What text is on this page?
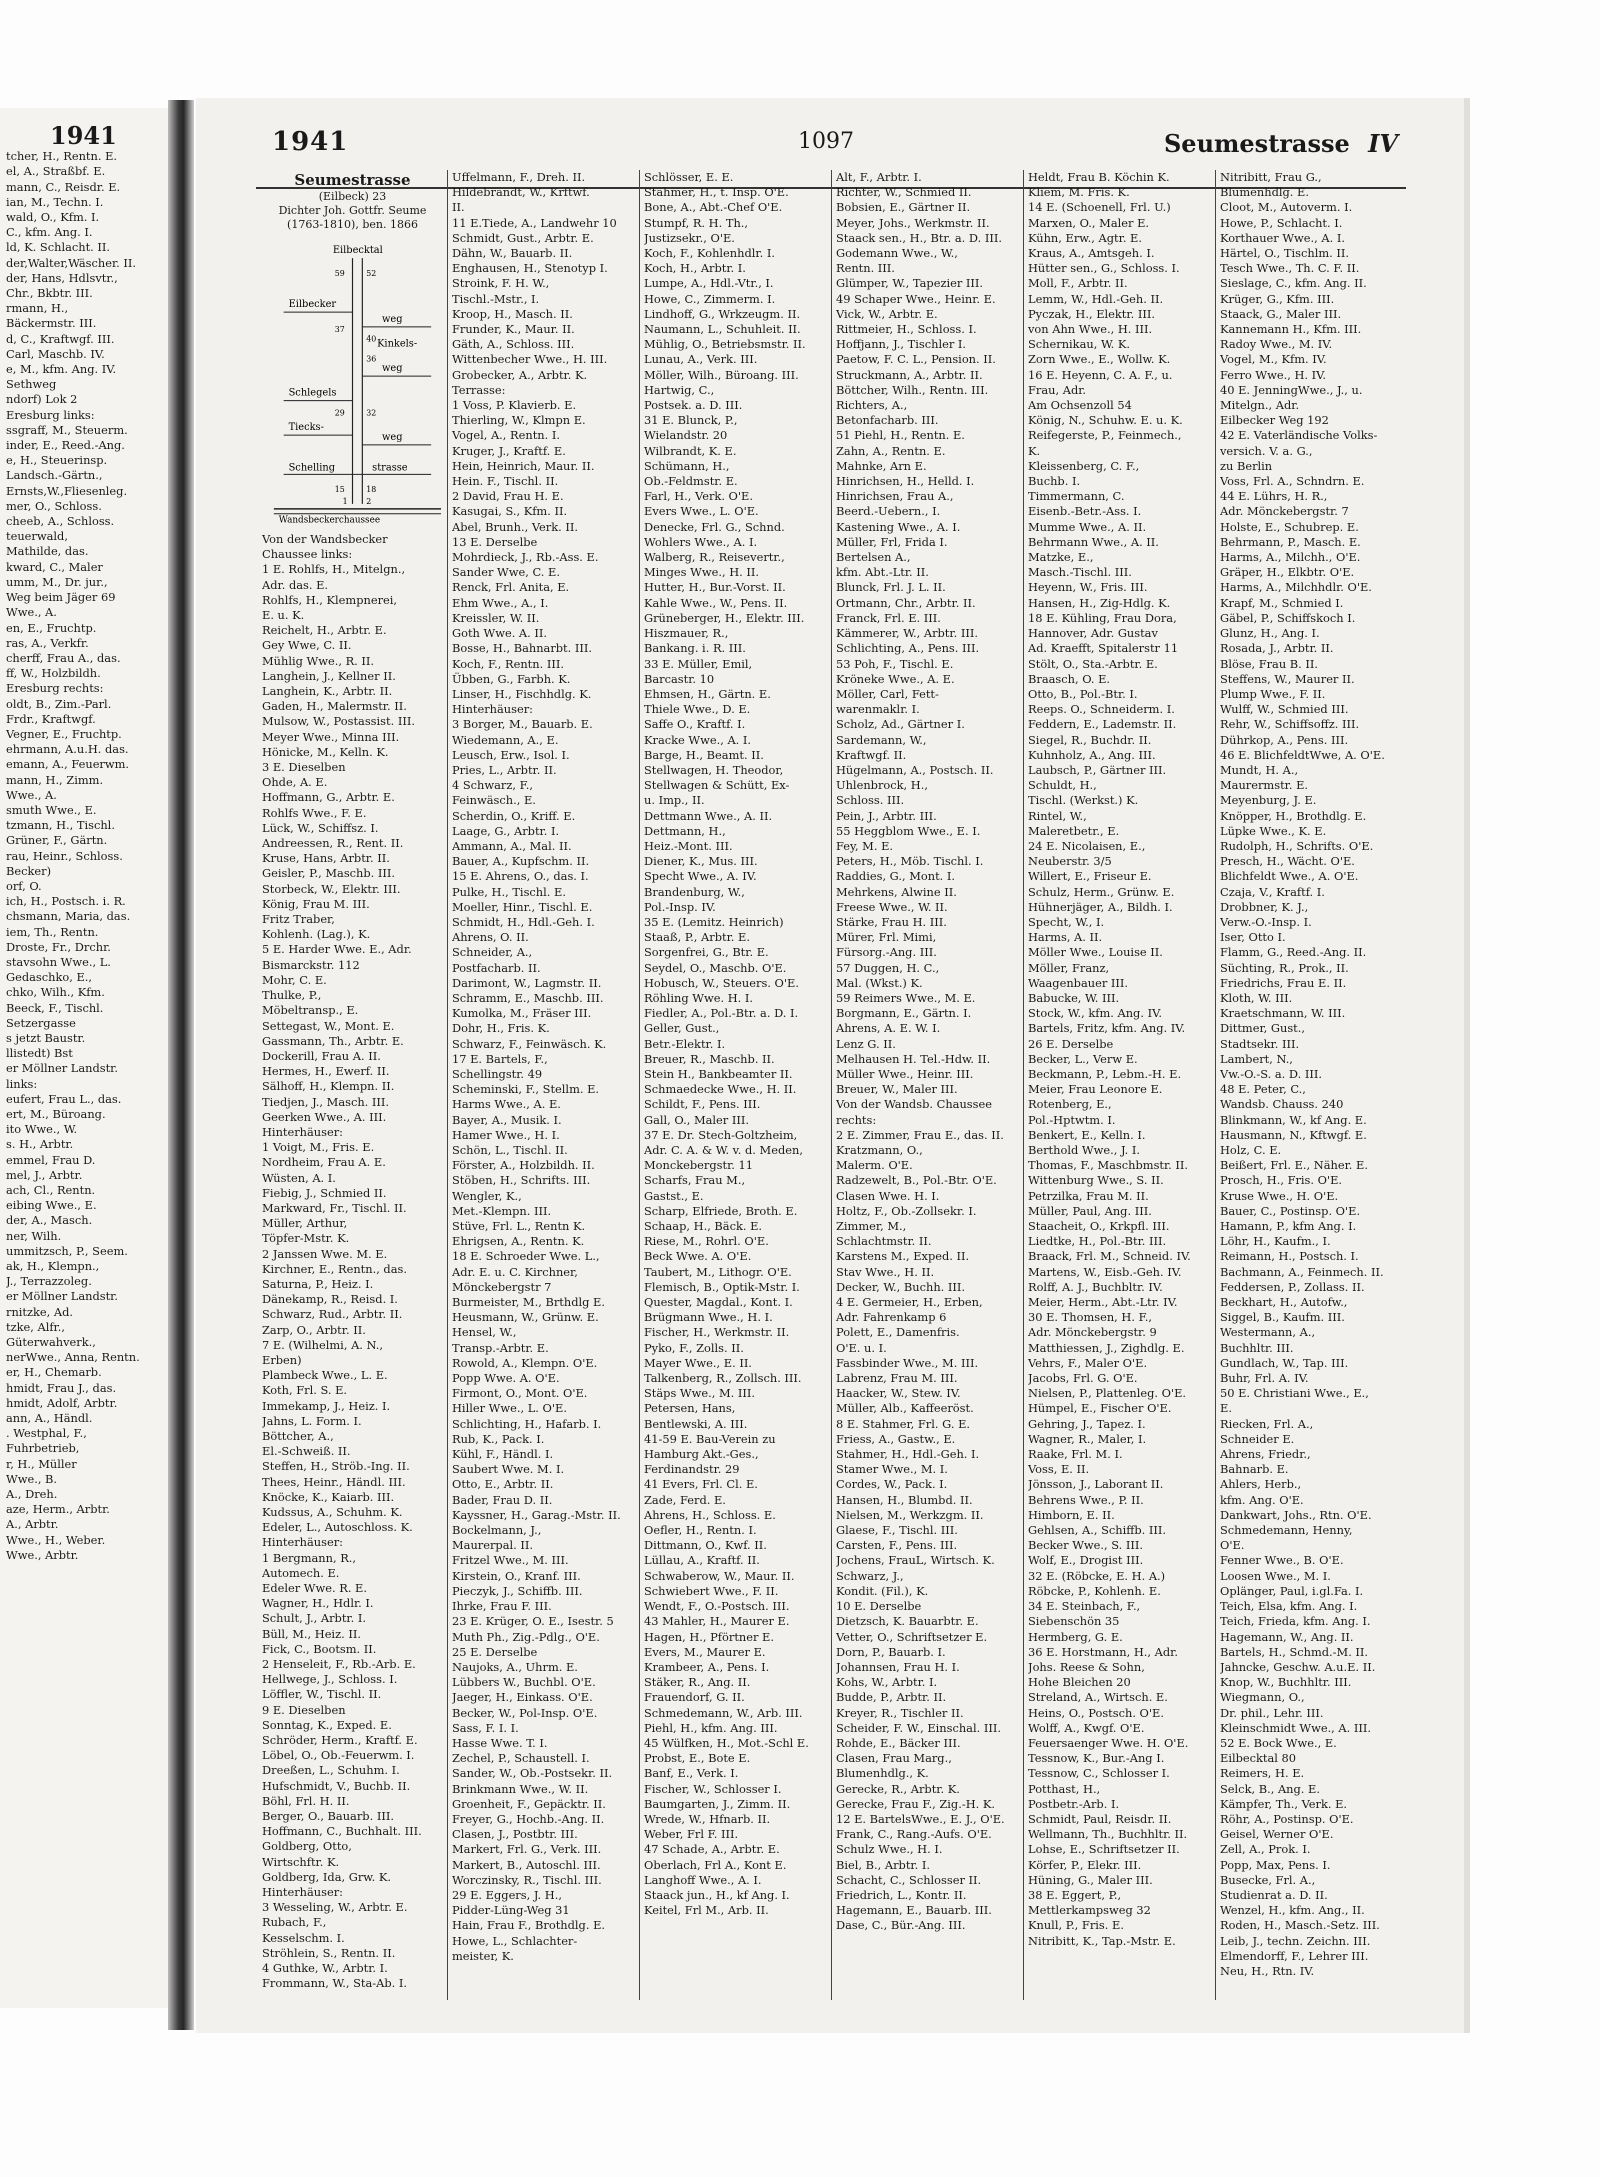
1941
tcher, H., Rentn. E.
el, A., Straßbf. E.
mann, C., Reisdr. E.
ian, M., Techn. I.
wald, O., Kfm. I.
C., kfm. Ang. I.
ld, K. Schlacht. II.
der,Walter,Wäscher. II.
der, Hans, Hdlsvtr.,
Chr., Bkbtr. III.
rmann, H.,
Bäckermstr. III.
d, C., Kraftwgf. III.
Carl, Maschb. IV.
e, M., kfm. Ang. IV.
Sethweg
ndorf) Lok 2
Eresburg links:
ssgraff, M., Steuerm.
inder, E., Reed.-Ang.
e, H., Steuerinsp.
Landsch.-Gärtn.,
Ernsts,W.,Fliesenleg.
mer, O., Schloss.
cheeb, A., Schloss.
teuerwald,
Mathilde, das.
kward, C., Maler
umm, M., Dr. jur.,
Weg beim Jäger 69
Wwe., A.
en, E., Fruchtp.
ras, A., Verkfr.
cherff, Frau A., das.
ff, W., Holzbildh.
Eresburg rechts:
oldt, B., Zim.-Parl.
Frdr., Kraftwgf.
Vegner, E., Fruchtp.
ehrmann, A.u.H. das.
emann, A., Feuerwm.
mann, H., Zimm.
Wwe., A.
smuth Wwe., E.
tzmann, H., Tischl.
Grüner, F., Gärtn.
rau, Heinr., Schloss.
Becker)
orf, O.
ich, H., Postsch. i. R.
chsmann, Maria, das.
iem, Th., Rentn.
Droste, Fr., Drchr.
stavsohn Wwe., L.
Gedaschko, E.,
chko, Wilh., Kfm.
Beeck, F., Tischl.
Setzergasse
s jetzt Baustr.
llistedt) Bst
er Möllner Landstr.
links:
eufert, Frau L., das.
ert, M., Büroang.
ito Wwe., W.
s. H., Arbtr.
emmel, Frau D.
mel, J., Arbtr.
ach, Cl., Rentn.
eibing Wwe., E.
der, A., Masch.
ner, Wilh.
ummitzsch, P., Seem.
ak, H., Klempn.,
J., Terrazzoleg.
er Möllner Landstr.
rnitzke, Ad.
tzke, Alfr.,
Güterwahverk.,
nerWwe., Anna, Rentn.
er, H., Chemarb.
hmidt, Frau J., das.
hmidt, Adolf, Arbtr.
ann, A., Händl.
. Westphal, F.,
Fuhrbetrieb,
r, H., Müller
Wwe., B.
A., Dreh.
aze, Herm., Arbtr.
A., Arbtr.
Wwe., H., Weber.
Wwe., Arbtr.
1941	1097	Seumestrasse IV
Seumestrasse
(Eilbeck) 23
Dichter Joh. Gottfr. Seume
(1763-1810), ben. 1866
Eilbecktal
Eilbecker
weg
Kinkels-
weg
Schlegels
Tiecks-
weg
Schelling	strasse
Wandsbeckerchaussee
59	52
37
40
36
29	32
15	18
1 2
Von der Wandsbecker
Chaussee links:
1 E. Rohlfs, H., Mitelgn.,
Adr. das. E.
Rohlfs, H., Klempnerei,
E. u. K.
Reichelt, H., Arbtr. E.
Gey Wwe, C. II.
Mühlig Wwe., R. II.
Langhein, J., Kellner II.
Langhein, K., Arbtr. II.
Gaden, H., Malermstr. II.
Mulsow, W., Postassist. III.
Meyer Wwe., Minna III.
Hönicke, M., Kelln. K.
3 E. Dieselben
Ohde, A. E.
Hoffmann, G., Arbtr. E.
Rohlfs Wwe., F. E.
Lück, W., Schiffsz. I.
Andreessen, R., Rent. II.
Kruse, Hans, Arbtr. II.
Geisler, P., Maschb. III.
Storbeck, W., Elektr. III.
König, Frau M. III.
Fritz Traber,
Kohlenh. (Lag.), K.
5 E. Harder Wwe. E., Adr.
Bismarckstr. 112
Mohr, C. E.
Thulke, P.,
Möbeltransp., E.
Settegast, W., Mont. E.
Gassmann, Th., Arbtr. E.
Dockerill, Frau A. II.
Hermes, H., Ewerf. II.
Sälhoff, H., Klempn. II.
Tiedjen, J., Masch. III.
Geerken Wwe., A. III.
Hinterhäuser:
1 Voigt, M., Fris. E.
Nordheim, Frau A. E.
Wüsten, A. I.
Fiebig, J., Schmied II.
Markward, Fr., Tischl. II.
Müller, Arthur,
Töpfer-Mstr. K.
2 Janssen Wwe. M. E.
Kirchner, E., Rentn., das.
Saturna, P., Heiz. I.
Dänekamp, R., Reisd. I.
Schwarz, Rud., Arbtr. II.
Zarp, O., Arbtr. II.
7 E. (Wilhelmi, A. N.,
Erben)
Plambeck Wwe., L. E.
Koth, Frl. S. E.
Immekamp, J., Heiz. I.
Jahns, L. Form. I.
Böttcher, A.,
El.-Schweiß. II.
Steffen, H., Ströb.-Ing. II.
Thees, Heinr., Händl. III.
Knöcke, K., Kaiarb. III.
Kudssus, A., Schuhm. K.
Edeler, L., Autoschloss. K.
Hinterhäuser:
1 Bergmann, R.,
Automech. E.
Edeler Wwe. R. E.
Wagner, H., Hdlr. I.
Schult, J., Arbtr. I.
Büll, M., Heiz. II.
Fick, C., Bootsm. II.
2 Henseleit, F., Rb.-Arb. E.
Hellwege, J., Schloss. I.
Löffler, W., Tischl. II.
9 E. Dieselben
Sonntag, K., Exped. E.
Schröder, Herm., Kraftf. E.
Löbel, O., Ob.-Feuerwm. I.
Dreeßen, L., Schuhm. I.
Hufschmidt, V., Buchb. II.
Böhl, Frl. H. II.
Berger, O., Bauarb. III.
Hoffmann, C., Buchhalt. III.
Goldberg, Otto,
Wirtschftr. K.
Goldberg, Ida, Grw. K.
Hinterhäuser:
3 Wesseling, W., Arbtr. E.
Rubach, F.,
Kesselschm. I.
Ströhlein, S., Rentn. II.
4 Guthke, W., Arbtr. I.
Frommann, W., Sta-Ab. I.
Uffelmann, F., Dreh. II.
Hildebrandt, W., Krftwf.
II.
11 E.Tiede, A., Landwehr 10
Schmidt, Gust., Arbtr. E.
Dähn, W., Bauarb. II.
Enghausen, H., Stenotyp I.
Stroink, F. H. W.,
Tischl.-Mstr., I.
Kroop, H., Masch. II.
Frunder, K., Maur. II.
Gäth, A., Schloss. III.
Wittenbecher Wwe., H. III.
Grobecker, A., Arbtr. K.
Terrasse:
1 Voss, P. Klavierb. E.
Thierling, W., Klmpn E.
Vogel, A., Rentn. I.
Kruger, J., Kraftf. E.
Hein, Heinrich, Maur. II.
Hein. F., Tischl. II.
2 David, Frau H. E.
Kasugai, S., Kfm. II.
Abel, Brunh., Verk. II.
13 E. Derselbe
Mohrdieck, J., Rb.-Ass. E.
Sander Wwe, C. E.
Renck, Frl. Anita, E.
Ehm Wwe., A., I.
Kreissler, W. II.
Goth Wwe. A. II.
Bosse, H., Bahnarbt. III.
Koch, F., Rentn. III.
Übben, G., Farbh. K.
Linser, H., Fischhdlg. K.
Hinterhäuser:
3 Borger, M., Bauarb. E.
Wiedemann, A., E.
Leusch, Erw., Isol. I.
Pries, L., Arbtr. II.
4 Schwarz, F.,
Feinwäsch., E.
Scherdin, O., Kriff. E.
Laage, G., Arbtr. I.
Ammann, A., Mal. II.
Bauer, A., Kupfschm. II.
15 E. Ahrens, O., das. I.
Pulke, H., Tischl. E.
Moeller, Hinr., Tischl. E.
Schmidt, H., Hdl.-Geh. I.
Ahrens, O. II.
Schneider, A.,
Postfacharb. II.
Darimont, W., Lagmstr. II.
Schramm, E., Maschb. III.
Kumolka, M., Fräser III.
Dohr, H., Fris. K.
Schwarz, F., Feinwäsch. K.
17 E. Bartels, F.,
Schellingstr. 49
Scheminski, F., Stellm. E.
Harms Wwe., A. E.
Bayer, A., Musik. I.
Hamer Wwe., H. I.
Schön, L., Tischl. II.
Förster, A., Holzbildh. II.
Stöben, H., Schrifts. III.
Wengler, K.,
Met.-Klempn. III.
Stüve, Frl. L., Rentn K.
Ehrigsen, A., Rentn. K.
18 E. Schroeder Wwe. L.,
Adr. E. u. C. Kirchner,
Mönckebergstr 7
Burmeister, M., Brthdlg E.
Heusmann, W., Grünw. E.
Hensel, W.,
Transp.-Arbtr. E.
Rowold, A., Klempn. O'E.
Popp Wwe. A. O'E.
Firmont, O., Mont. O'E.
Hiller Wwe., L. O'E.
Schlichting, H., Hafarb. I.
Rub, K., Pack. I.
Kühl, F., Händl. I.
Saubert Wwe. M. I.
Otto, E., Arbtr. II.
Bader, Frau D. II.
Kayssner, H., Garag.-Mstr. II.
Bockelmann, J.,
Maurerpal. II.
Fritzel Wwe., M. III.
Kirstein, O., Kranf. III.
Pieczyk, J., Schiffb. III.
Ihrke, Frau F. III.
23 E. Krüger, O. E., Isestr. 5
Muth Ph., Zig.-Pdlg., O'E.
25 E. Derselbe
Naujoks, A., Uhrm. E.
Lübbers W., Buchbl. O'E.
Jaeger, H., Einkass. O'E.
Becker, W., Pol-Insp. O'E.
Sass, F. I. I.
Hasse Wwe. T. I.
Zechel, P., Schaustell. I.
Sander, W., Ob.-Postsekr. II.
Brinkmann Wwe., W. II.
Groenheit, F., Gepäcktr. II.
Freyer, G., Hochb.-Ang. II.
Clasen, J., Postbtr. III.
Markert, Frl. G., Verk. III.
Markert, B., Autoschl. III.
Worczinsky, R., Tischl. III.
29 E. Eggers, J. H.,
Pidder-Lüng-Weg 31
Hain, Frau F., Brothdlg. E.
Howe, L., Schlachter-
meister, K.
Schlösser, E. E.
Stahmer, H., t. Insp. O'E.
Bone, A., Abt.-Chef O'E.
Stumpf, R. H. Th.,
Justizsekr., O'E.
Koch, F., Kohlenhdlr. I.
Koch, H., Arbtr. I.
Lumpe, A., Hdl.-Vtr., I.
Howe, C., Zimmerm. I.
Lindhoff, G., Wrkzeugm. II.
Naumann, L., Schuhleit. II.
Mühlig, O., Betriebsmstr. II.
Lunau, A., Verk. III.
Möller, Wilh., Büroang. III.
Hartwig, C.,
Postsek. a. D. III.
31 E. Blunck, P.,
Wielandstr. 20
Wilbrandt, K. E.
Schümann, H.,
Ob.-Feldmstr. E.
Farl, H., Verk. O'E.
Evers Wwe., L. O'E.
Denecke, Frl. G., Schnd.
Wohlers Wwe., A. I.
Walberg, R., Reisevertr.,
Minges Wwe., H. II.
Hutter, H., Bur.-Vorst. II.
Kahle Wwe., W., Pens. II.
Grüneberger, H., Elektr. III.
Hiszmauer, R.,
Bankang. i. R. III.
33 E. Müller, Emil,
Barcastr. 10
Ehmsen, H., Gärtn. E.
Thiele Wwe., D. E.
Saffe O., Kraftf. I.
Kracke Wwe., A. I.
Barge, H., Beamt. II.
Stellwagen, H. Theodor,
Stellwagen & Schütt, Ex-
u. Imp., II.
Dettmann Wwe., A. II.
Dettmann, H.,
Heiz.-Mont. III.
Diener, K., Mus. III.
Specht Wwe., A. IV.
Brandenburg, W.,
Pol.-Insp. IV.
35 E. (Lemitz. Heinrich)
Staaß, P., Arbtr. E.
Sorgenfrei, G., Btr. E.
Seydel, O., Maschb. O'E.
Hobusch, W., Steuers. O'E.
Röhling Wwe. H. I.
Fiedler, A., Pol.-Btr. a. D. I.
Geller, Gust.,
Betr.-Elektr. I.
Breuer, R., Maschb. II.
Stein H., Bankbeamter II.
Schmaedecke Wwe., H. II.
Schildt, F., Pens. III.
Gall, O., Maler III.
37 E. Dr. Stech-Goltzheim,
Adr. C. A. & W. v. d. Meden,
Monckebergstr. 11
Scharfs, Frau M.,
Gastst., E.
Scharp, Elfriede, Broth. E.
Schaap, H., Bäck. E.
Riese, M., Rohrl. O'E.
Beck Wwe. A. O'E.
Taubert, M., Lithogr. O'E.
Flemisch, B., Optik-Mstr. I.
Quester, Magdal., Kont. I.
Brügmann Wwe., H. I.
Fischer, H., Werkmstr. II.
Pyko, F., Zolls. II.
Mayer Wwe., E. II.
Talkenberg, R., Zollsch. III.
Stäps Wwe., M. III.
Petersen, Hans,
Bentlewski, A. III.
41-59 E. Bau-Verein zu
Hamburg Akt.-Ges.,
Ferdinandstr. 29
41 Evers, Frl. Cl. E.
Zade, Ferd. E.
Ahrens, H., Schloss. E.
Oefler, H., Rentn. I.
Dittmann, O., Kwf. II.
Lüllau, A., Kraftf. II.
Schwaberow, W., Maur. II.
Schwiebert Wwe., F. II.
Wendt, F., O.-Postsch. III.
43 Mahler, H., Maurer E.
Hagen, H., Pförtner E.
Evers, M., Maurer E.
Krambeer, A., Pens. I.
Stäker, R., Ang. II.
Frauendorf, G. II.
Schmedemann, W., Arb. III.
Piehl, H., kfm. Ang. III.
45 Wülfken, H., Mot.-Schl E.
Probst, E., Bote E.
Banf, E., Verk. I.
Fischer, W., Schlosser I.
Baumgarten, J., Zimm. II.
Wrede, W., Hfnarb. II.
Weber, Frl F. III.
47 Schade, A., Arbtr. E.
Oberlach, Frl A., Kont E.
Langhoff Wwe., A. I.
Staack jun., H., kf Ang. I.
Keitel, Frl M., Arb. II.
Alt, F., Arbtr. I.
Richter, W., Schmied II.
Bobsien, E., Gärtner II.
Meyer, Johs., Werkmstr. II.
Staack sen., H., Btr. a. D. III.
Godemann Wwe., W.,
Rentn. III.
Glümper, W., Tapezier III.
49 Schaper Wwe., Heinr. E.
Vick, W., Arbtr. E.
Rittmeier, H., Schloss. I.
Hoffjann, J., Tischler I.
Paetow, F. C. L., Pension. II.
Struckmann, A., Arbtr. II.
Böttcher, Wilh., Rentn. III.
Richters, A.,
Betonfacharb. III.
51 Piehl, H., Rentn. E.
Zahn, A., Rentn. E.
Mahnke, Arn E.
Hinrichsen, H., Helld. I.
Hinrichsen, Frau A.,
Beerd.-Uebern., I.
Kastening Wwe., A. I.
Müller, Frl, Frida I.
Bertelsen A.,
kfm. Abt.-Ltr. II.
Blunck, Frl. J. L. II.
Ortmann, Chr., Arbtr. II.
Franck, Frl. E. III.
Kämmerer, W., Arbtr. III.
Schlichting, A., Pens. III.
53 Poh, F., Tischl. E.
Kröneke Wwe., A. E.
Möller, Carl, Fett-
warenmaklr. I.
Scholz, Ad., Gärtner I.
Sardemann, W.,
Kraftwgf. II.
Hügelmann, A., Postsch. II.
Uhlenbrock, H.,
Schloss. III.
Pein, J., Arbtr. III.
55 Heggblom Wwe., E. I.
Fey, M. E.
Peters, H., Möb. Tischl. I.
Raddies, G., Mont. I.
Mehrkens, Alwine II.
Freese Wwe., W. II.
Stärke, Frau H. III.
Mürer, Frl. Mimi,
Fürsorg.-Ang. III.
57 Duggen, H. C.,
Mal. (Wkst.) K.
59 Reimers Wwe., M. E.
Borgmann, E., Gärtn. I.
Ahrens, A. E. W. I.
Lenz G. II.
Melhausen H. Tel.-Hdw. II.
Müller Wwe., Heinr. III.
Breuer, W., Maler III.
Von der Wandsb. Chaussee
rechts:
2 E. Zimmer, Frau E., das. II.
Kratzmann, O.,
Malerm. O'E.
Radzewelt, B., Pol.-Btr. O'E.
Clasen Wwe. H. I.
Holtz, F., Ob.-Zollsekr. I.
Zimmer, M.,
Schlachtmstr. II.
Karstens M., Exped. II.
Stav Wwe., H. II.
Decker, W., Buchh. III.
4 E. Germeier, H., Erben,
Adr. Fahrenkamp 6
Polett, E., Damenfris.
O'E. u. I.
Fassbinder Wwe., M. III.
Labrenz, Frau M. III.
Haacker, W., Stew. IV.
Müller, Alb., Kaffeeröst.
8 E. Stahmer, Frl. G. E.
Friess, A., Gastw., E.
Stahmer, H., Hdl.-Geh. I.
Stamer Wwe., M. I.
Cordes, W., Pack. I.
Hansen, H., Blumbd. II.
Nielsen, M., Werkzgm. II.
Glaese, F., Tischl. III.
Carsten, F., Pens. III.
Jochens, FrauL, Wirtsch. K.
Schwarz, J.,
Kondit. (Fil.), K.
10 E. Derselbe
Dietzsch, K. Bauarbtr. E.
Vetter, O., Schriftsetzer E.
Dorn, P., Bauarb. I.
Johannsen, Frau H. I.
Kohs, W., Arbtr. I.
Budde, P., Arbtr. II.
Kreyer, R., Tischler II.
Scheider, F. W., Einschal. III.
Rohde, E., Bäcker III.
Clasen, Frau Marg.,
Blumenhdlg., K.
Gerecke, R., Arbtr. K.
Gerecke, Frau F., Zig.-H. K.
12 E. BartelsWwe., E. J., O'E.
Frank, C., Rang.-Aufs. O'E.
Schulz Wwe., H. I.
Biel, B., Arbtr. I.
Schacht, C., Schlosser II.
Friedrich, L., Kontr. II.
Hagemann, E., Bauarb. III.
Dase, C., Bür.-Ang. III.
Heldt, Frau B. Köchin K.
Kliem, M. Fris. K.
14 E. (Schoenell, Frl. U.)
Marxen, O., Maler E.
Kühn, Erw., Agtr. E.
Kraus, A., Amtsgeh. I.
Hütter sen., G., Schloss. I.
Moll, F., Arbtr. II.
Lemm, W., Hdl.-Geh. II.
Pyczak, H., Elektr. III.
von Ahn Wwe., H. III.
Schernikau, W. K.
Zorn Wwe., E., Wollw. K.
16 E. Heyenn, C. A. F., u.
Frau, Adr.
Am Ochsenzoll 54
König, N., Schuhw. E. u. K.
Reifegerste, P., Feinmech.,
K.
Kleissenberg, C. F.,
Buchb. I.
Timmermann, C.
Eisenb.-Betr.-Ass. I.
Mumme Wwe., A. II.
Behrmann Wwe., A. II.
Matzke, E.,
Masch.-Tischl. III.
Heyenn, W., Fris. III.
Hansen, H., Zig-Hdlg. K.
18 E. Kühling, Frau Dora,
Hannover, Adr. Gustav
Ad. Kraefft, Spitalerstr 11
Stölt, O., Sta.-Arbtr. E.
Braasch, O. E.
Otto, B., Pol.-Btr. I.
Reeps. O., Schneiderm. I.
Feddern, E., Lademstr. II.
Siegel, R., Buchdr. II.
Kuhnholz, A., Ang. III.
Laubsch, P., Gärtner III.
Schuldt, H.,
Tischl. (Werkst.) K.
Rintel, W.,
Maleretbetr., E.
24 E. Nicolaisen, E.,
Neuberstr. 3/5
Willert, E., Friseur E.
Schulz, Herm., Grünw. E.
Hühnerjäger, A., Bildh. I.
Specht, W., I.
Harms, A. II.
Möller Wwe., Louise II.
Möller, Franz,
Waagenbauer III.
Babucke, W. III.
Stock, W., kfm. Ang. IV.
Bartels, Fritz, kfm. Ang. IV.
26 E. Derselbe
Becker, L., Verw E.
Beckmann, P., Lebm.-H. E.
Meier, Frau Leonore E.
Rotenberg, E.,
Pol.-Hptwtm. I.
Benkert, E., Kelln. I.
Berthold Wwe., J. I.
Thomas, F., Maschbmstr. II.
Wittenburg Wwe., S. II.
Petrzilka, Frau M. II.
Müller, Paul, Ang. III.
Staacheit, O., Krkpfl. III.
Liedtke, H., Pol.-Btr. III.
Braack, Frl. M., Schneid. IV.
Martens, W., Eisb.-Geh. IV.
Rolff, A. J., Buchbltr. IV.
Meier, Herm., Abt.-Ltr. IV.
30 E. Thomsen, H. F.,
Adr. Mönckebergstr. 9
Matthiessen, J., Zighdlg. E.
Vehrs, F., Maler O'E.
Jacobs, Frl. G. O'E.
Nielsen, P., Plattenleg. O'E.
Hümpel, E., Fischer O'E.
Gehring, J., Tapez. I.
Wagner, R., Maler, I.
Raake, Frl. M. I.
Voss, E. II.
Jönsson, J., Laborant II.
Behrens Wwe., P. II.
Himborn, E. II.
Gehlsen, A., Schiffb. III.
Becker Wwe., S. III.
Wolf, E., Drogist III.
32 E. (Röbcke, E. H. A.)
Röbcke, P., Kohlenh. E.
34 E. Steinbach, F.,
Siebenschön 35
Hermberg, G. E.
36 E. Horstmann, H., Adr.
Johs. Reese & Sohn,
Hohe Bleichen 20
Streland, A., Wirtsch. E.
Heins, O., Postsch. O'E.
Wolff, A., Kwgf. O'E.
Feuersaenger Wwe. H. O'E.
Tessnow, K., Bur.-Ang I.
Tessnow, C., Schlosser I.
Potthast, H.,
Postbetr.-Arb. I.
Schmidt, Paul, Reisdr. II.
Wellmann, Th., Buchhltr. II.
Lohse, E., Schriftsetzer II.
Körfer, P., Elekr. III.
Hüning, G., Maler III.
38 E. Eggert, P.,
Mettlerkampsweg 32
Knull, P., Fris. E.
Nitribitt, K., Tap.-Mstr. E.
Nitribitt, Frau G.,
Blumenhdlg. E.
Cloot, M., Autoverm. I.
Howe, P., Schlacht. I.
Korthauer Wwe., A. I.
Härtel, O., Tischlm. II.
Tesch Wwe., Th. C. F. II.
Sieslage, C., kfm. Ang. II.
Krüger, G., Kfm. III.
Staack, G., Maler III.
Kannemann H., Kfm. III.
Radoy Wwe., M. IV.
Vogel, M., Kfm. IV.
Ferro Wwe., H. IV.
40 E. JenningWwe., J., u.
Mitelgn., Adr.
Eilbecker Weg 192
42 E. Vaterländische Volks-
versich. V. a. G.,
zu Berlin
Voss, Frl. A., Schndrn. E.
44 E. Lührs, H. R.,
Adr. Mönckebergstr. 7
Holste, E., Schubrep. E.
Behrmann, P., Masch. E.
Harms, A., Milchh., O'E.
Gräper, H., Elkbtr. O'E.
Harms, A., Milchhdlr. O'E.
Krapf, M., Schmied I.
Gäbel, P., Schiffskoch I.
Glunz, H., Ang. I.
Rosada, J., Arbtr. II.
Blöse, Frau B. II.
Steffens, W., Maurer II.
Plump Wwe., F. II.
Wulff, W., Schmied III.
Rehr, W., Schiffsoffz. III.
Dührkop, A., Pens. III.
46 E. BlichfeldtWwe, A. O'E.
Mundt, H. A.,
Maurermstr. E.
Meyenburg, J. E.
Knöpper, H., Brothdlg. E.
Lüpke Wwe., K. E.
Rudolph, H., Schrifts. O'E.
Presch, H., Wächt. O'E.
Blichfeldt Wwe., A. O'E.
Czaja, V., Kraftf. I.
Drobbner, K. J.,
Verw.-O.-Insp. I.
Iser, Otto I.
Flamm, G., Reed.-Ang. II.
Süchting, R., Prok., II.
Friedrichs, Frau E. II.
Kloth, W. III.
Kraetschmann, W. III.
Dittmer, Gust.,
Stadtsekr. III.
Lambert, N.,
Vw.-O.-S. a. D. III.
48 E. Peter, C.,
Wandsb. Chauss. 240
Blinkmann, W., kf Ang. E.
Hausmann, N., Kftwgf. E.
Holz, C. E.
Beißert, Frl. E., Näher. E.
Prosch, H., Fris. O'E.
Kruse Wwe., H. O'E.
Bauer, C., Postinsp. O'E.
Hamann, P., kfm Ang. I.
Löhr, H., Kaufm., I.
Reimann, H., Postsch. I.
Bachmann, A., Feinmech. II.
Feddersen, P., Zollass. II.
Beckhart, H., Autofw.,
Siggel, B., Kaufm. III.
Westermann, A.,
Buchhltr. III.
Gundlach, W., Tap. III.
Buhr, Frl. A. IV.
50 E. Christiani Wwe., E.,
E.
Riecken, Frl. A.,
Schneider E.
Ahrens, Friedr.,
Bahnarb. E.
Ahlers, Herb.,
kfm. Ang. O'E.
Dankwart, Johs., Rtn. O'E.
Schmedemann, Henny,
O'E.
Fenner Wwe., B. O'E.
Loosen Wwe., M. I.
Oplänger, Paul, i.gl.Fa. I.
Teich, Elsa, kfm. Ang. I.
Teich, Frieda, kfm. Ang. I.
Hagemann, W., Ang. II.
Bartels, H., Schmd.-M. II.
Jahncke, Geschw. A.u.E. II.
Knop, W., Buchhltr. III.
Wiegmann, O.,
Dr. phil., Lehr. III.
Kleinschmidt Wwe., A. III.
52 E. Bock Wwe., E.
Eilbecktal 80
Reimers, H. E.
Selck, B., Ang. E.
Kämpfer, Th., Verk. E.
Röhr, A., Postinsp. O'E.
Geisel, Werner O'E.
Zell, A., Prok. I.
Popp, Max, Pens. I.
Busecke, Frl. A.,
Studienrat a. D. II.
Wenzel, H., kfm. Ang., II.
Roden, H., Masch.-Setz. III.
Leib, J., techn. Zeichn. III.
Elmendorff, F., Lehrer III.
Neu, H., Rtn. IV.
